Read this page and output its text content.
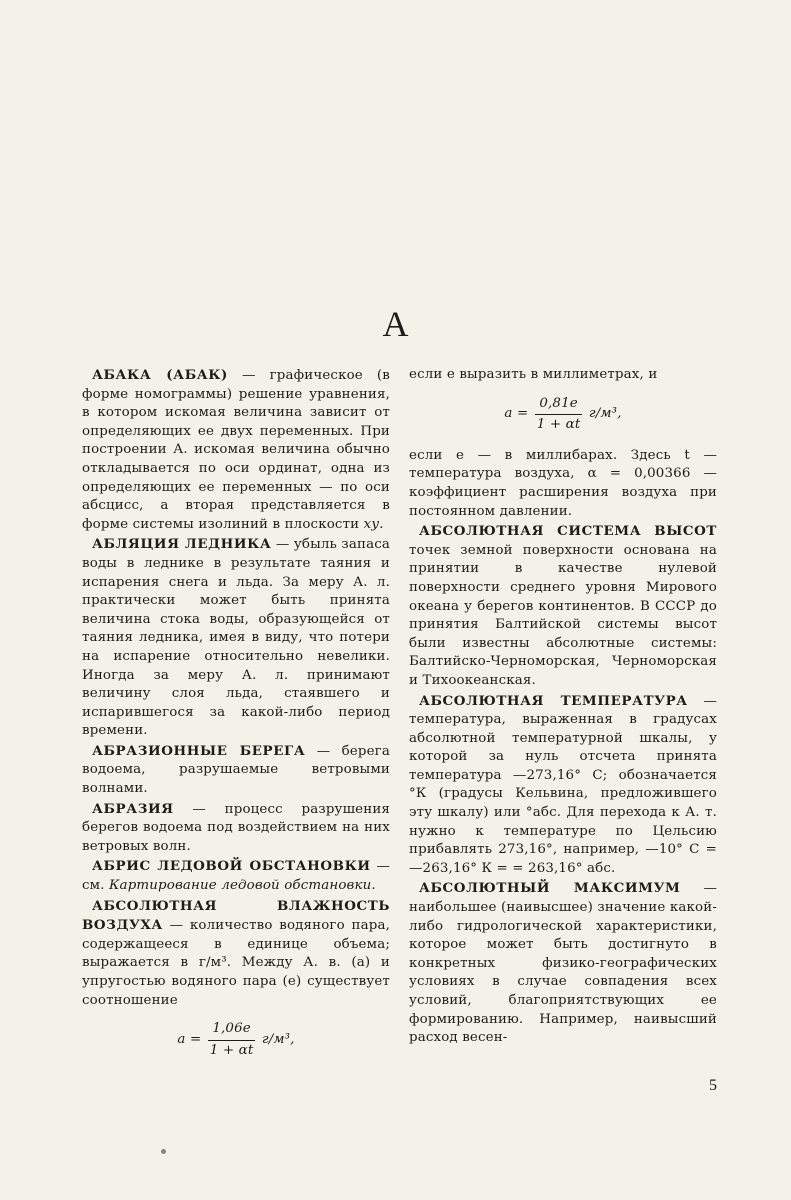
А

АБАКА (АБАК) — графическое (в форме номограммы) решение уравнения, в котором искомая величина зависит от определяющих ее двух переменных. При построении А. искомая величина обычно откладывается по оси ординат, одна из определяющих ее переменных — по оси абсцисс, а вторая представляется в форме системы изолиний в плоскости ху.

АБЛЯЦИЯ ЛЕДНИКА — убыль запаса воды в леднике в результате таяния и испарения снега и льда. За меру А. л. практически может быть принята величина стока воды, образующейся от таяния ледника, имея в виду, что потери на испарение относительно невелики. Иногда за меру А. л. принимают величину слоя льда, стаявшего и испарившегося за какой-либо период времени.

АБРАЗИОННЫЕ БЕРЕГА — берега водоема, разрушаемые ветровыми волнами.

АБРАЗИЯ — процесс разрушения берегов водоема под воздействием на них ветровых волн.

АБРИС ЛЕДОВОЙ ОБСТАНОВКИ — см. Картирование ледовой обстановки.

АБСОЛЮТНАЯ ВЛАЖНОСТЬ ВОЗДУХА — количество водяного пара, содержащееся в единице объема; выражается в г/м³. Между А. в. (а) и упругостью водяного пара (е) существует соотношение

$a = \frac{1,06e}{1 + \alpha t} г/м^3$,

если e выразить в миллиметрах, и

$a = \frac{0,81e}{1 + \alpha t} г/м^3$,

если e — в миллибарах. Здесь t — температура воздуха, α = 0,00366 — коэффициент расширения воздуха при постоянном давлении.

АБСОЛЮТНАЯ СИСТЕМА ВЫСОТ точек земной поверхности основана на принятии в качестве нулевой поверхности среднего уровня Мирового океана у берегов континентов. В СССР до принятия Балтийской системы высот были известны абсолютные системы: Балтийско-Черноморская, Черноморская и Тихоокеанская.

АБСОЛЮТНАЯ ТЕМПЕРАТУРА — температура, выраженная в градусах абсолютной температурной шкалы, у которой за нуль отсчета принята температура —273,16° С; обозначается °К (градусы Кельвина, предложившего эту шкалу) или °абс. Для перехода к А. т. нужно к температуре по Цельсию прибавлять 273,16°, например, —10° С = —263,16° К = = 263,16° абс.

АБСОЛЮТНЫЙ МАКСИМУМ — наибольшее (наивысшее) значение какой-либо гидрологической характеристики, которое может быть достигнуто в конкретных физико-географических условиях в случае совпадения всех условий, благоприятствующих ее формированию. Например, наивысший расход весен-

5
